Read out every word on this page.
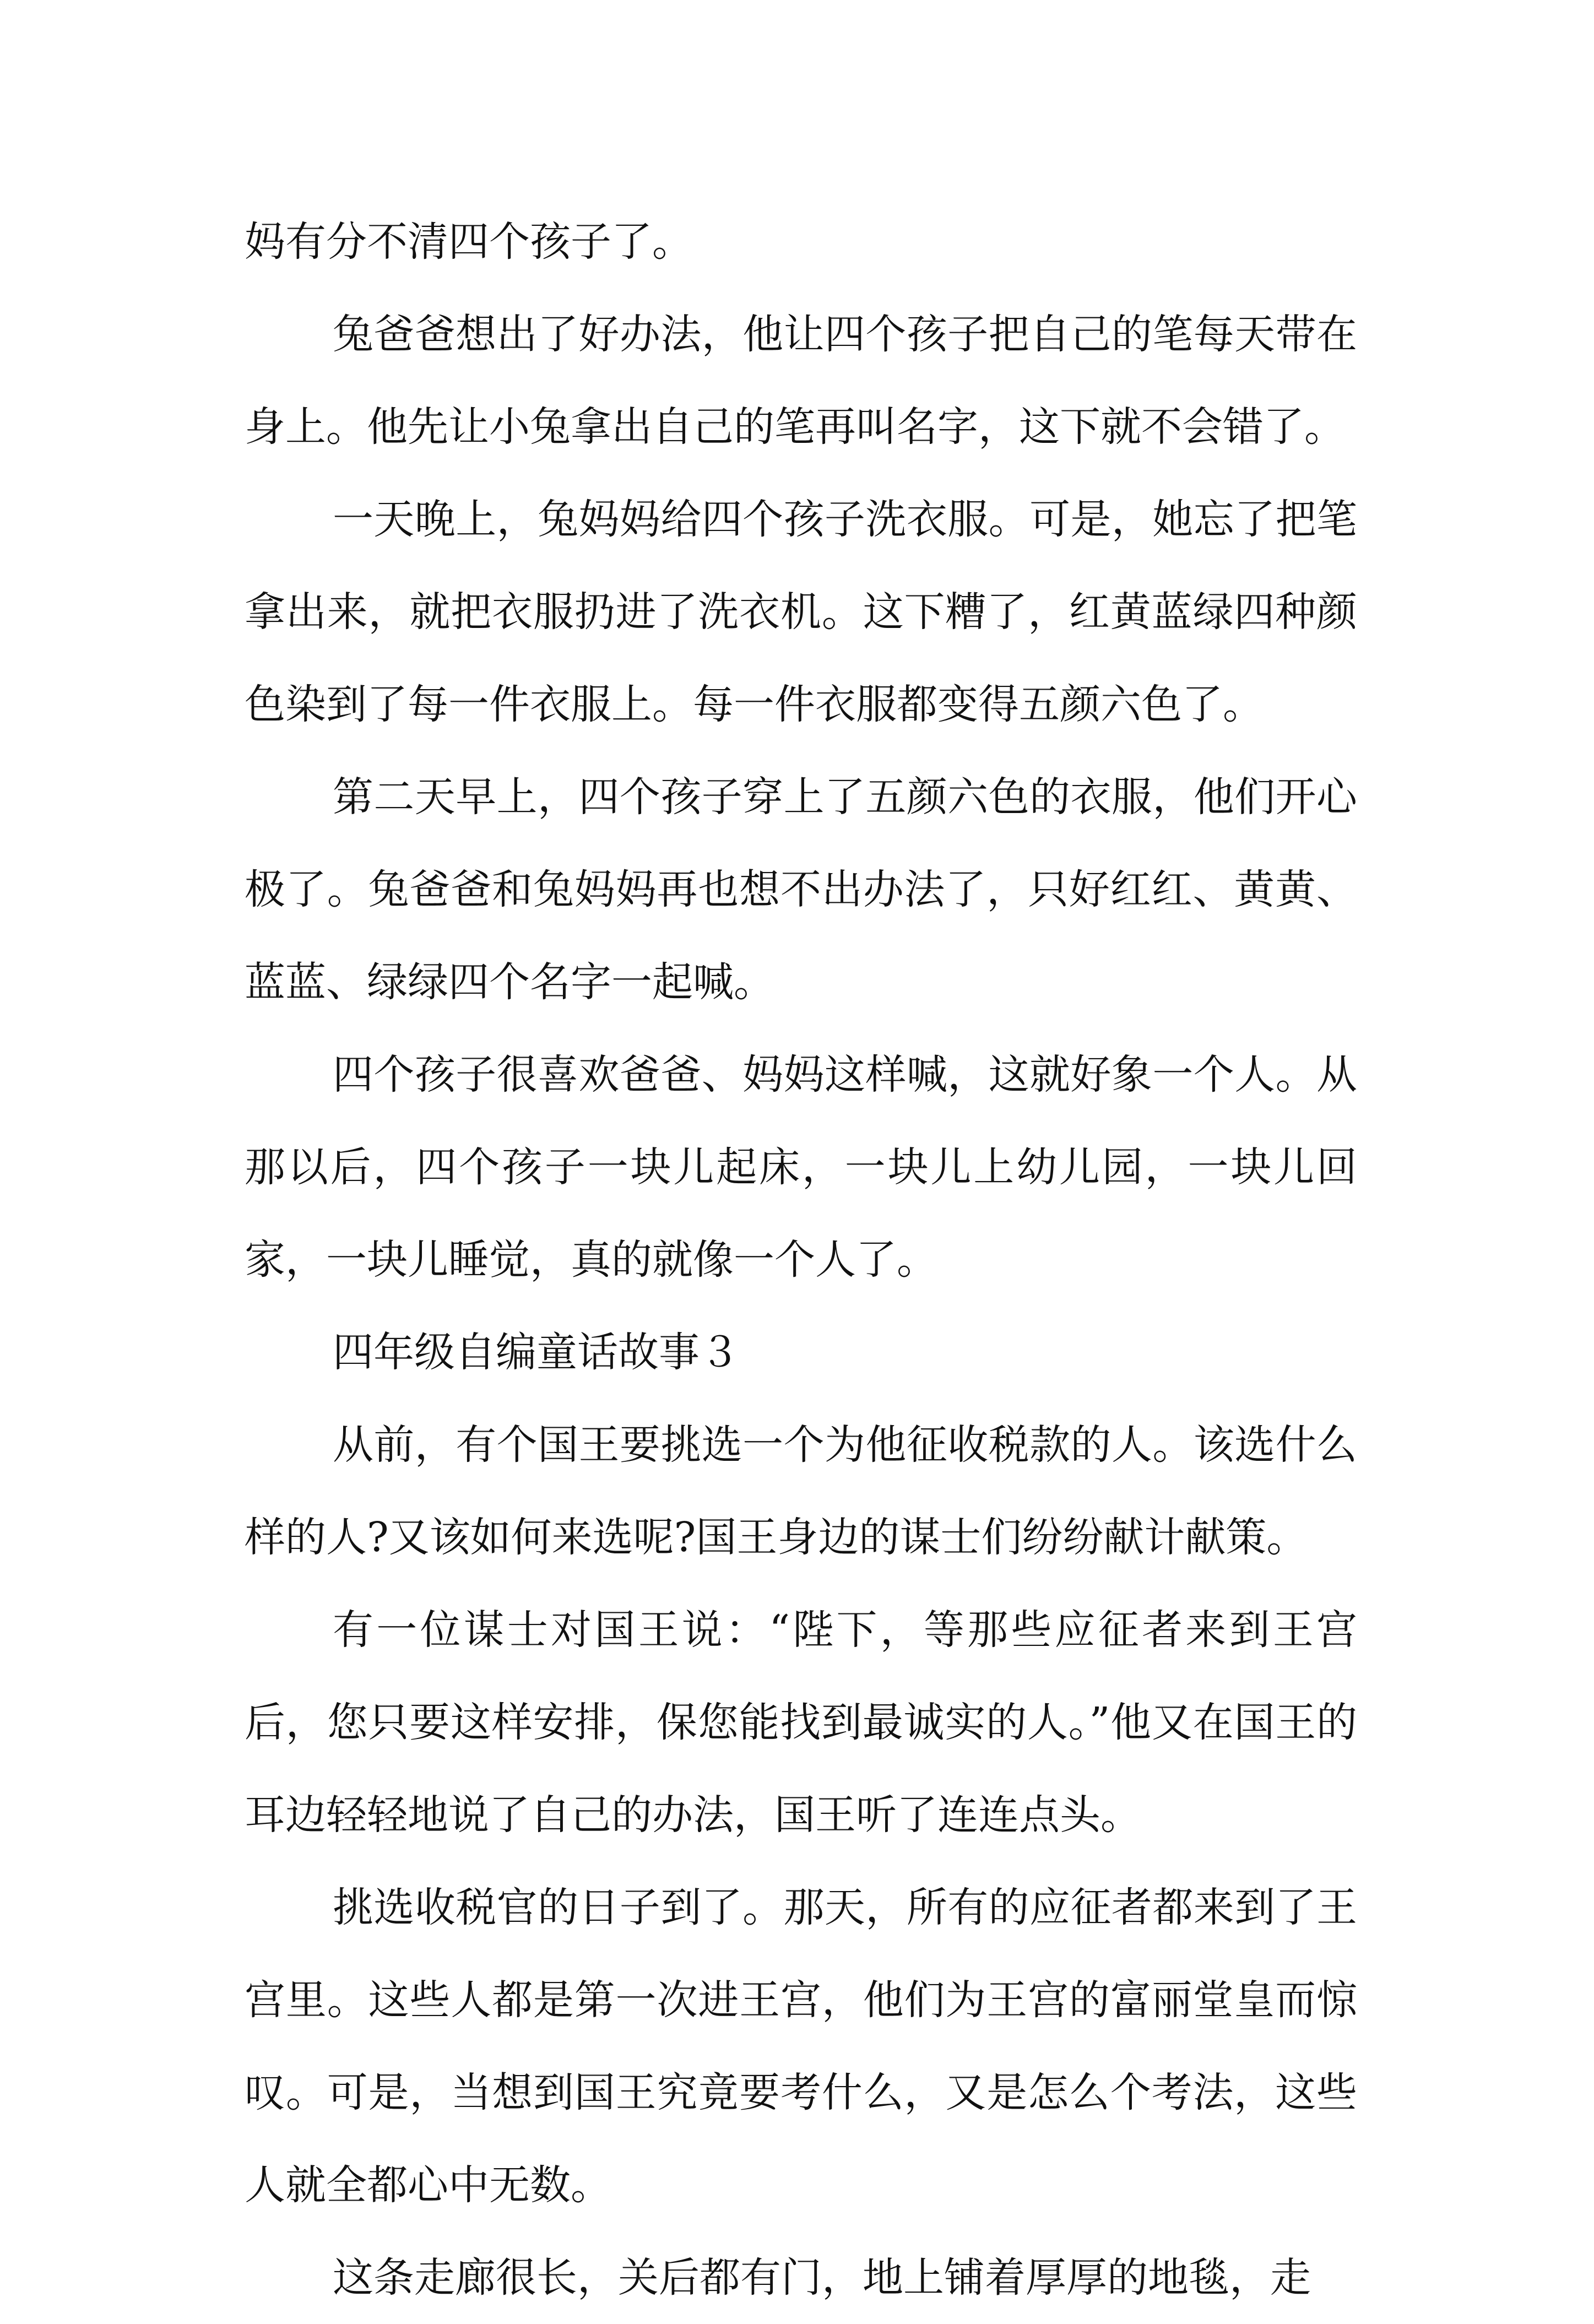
妈有分不清四个孩子了。

兔爸爸想出了好办法，他让四个孩子把自己的笔每天带在身上。他先让小兔拿出自己的笔再叫名字，这下就不会错了。

一天晚上，兔妈妈给四个孩子洗衣服。可是，她忘了把笔拿出来，就把衣服扔进了洗衣机。这下糟了，红黄蓝绿四种颜色染到了每一件衣服上。每一件衣服都变得五颜六色了。

第二天早上，四个孩子穿上了五颜六色的衣服，他们开心极了。兔爸爸和兔妈妈再也想不出办法了，只好红红、黄黄、蓝蓝、绿绿四个名字一起喊。

四个孩子很喜欢爸爸、妈妈这样喊，这就好象一个人。从那以后，四个孩子一块儿起床，一块儿上幼儿园，一块儿回家，一块儿睡觉，真的就像一个人了。

四年级自编童话故事３

从前，有个国王要挑选一个为他征收税款的人。该选什么样的人?又该如何来选呢?国王身边的谋士们纷纷献计献策。

有一位谋士对国王说：“陛下，等那些应征者来到王宫后，您只要这样安排，保您能找到最诚实的人。”他又在国王的耳边轻轻地说了自己的办法，国王听了连连点头。

挑选收税官的日子到了。那天，所有的应征者都来到了王宫里。这些人都是第一次进王宫，他们为王宫的富丽堂皇而惊叹。可是，当想到国王究竟要考什么，又是怎么个考法，这些人就全都心中无数。

这条走廊很长，关后都有门，地上铺着厚厚的地毯，走
